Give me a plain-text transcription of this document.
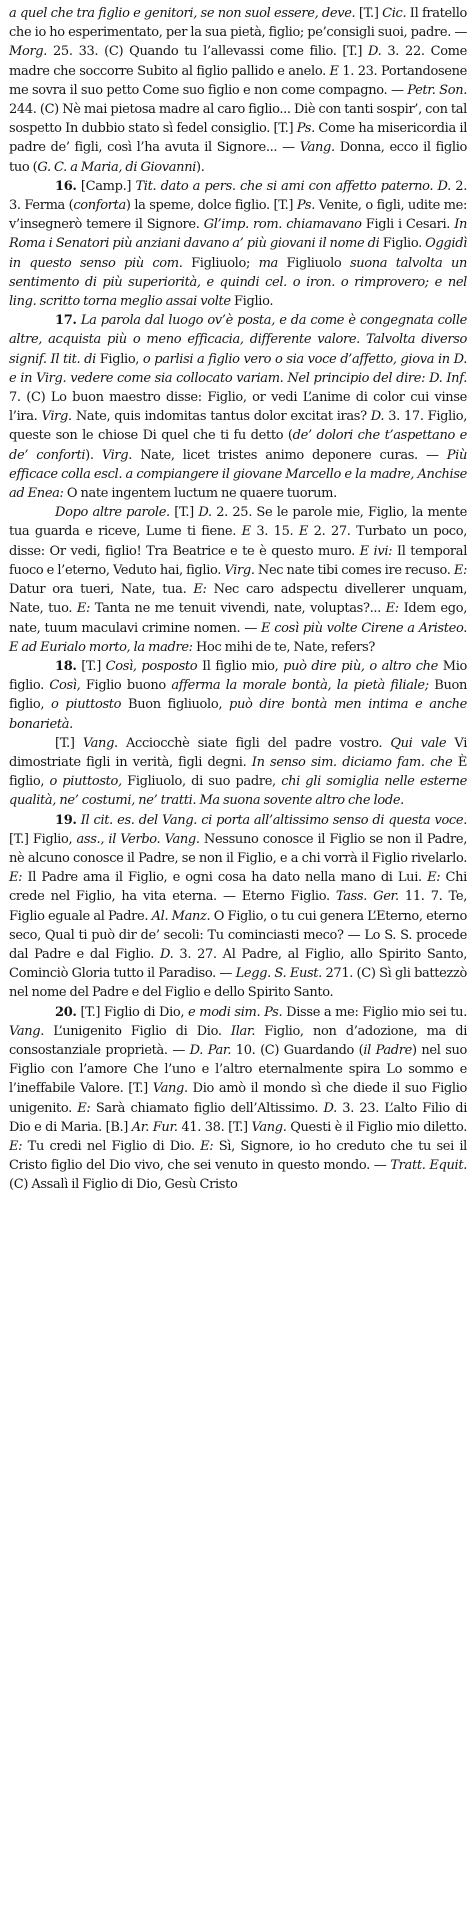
a quel che tra figlio e genitori, se non suol essere, deve. [T.] Cic. Il fratello che io ho esperimentato, per la sua pietà, figlio; pe’consigli suoi, padre. — Morg. 25. 33. (C) Quando tu l’allevassi come filio. [T.] D. 3. 22. Come madre che soccorre Subito al figlio pallido e anelo. E 1. 23. Portandosene me sovra il suo petto Come suo figlio e non come compagno. — Petr. Son. 244. (C) Nè mai pietosa madre al caro figlio... Diè con tanti sospir’, con tal sospetto In dubbio stato sì fedel consiglio. [T.] Ps. Come ha misericordia il padre de’ figli, così l’ha avuta il Signore... — Vang. Donna, ecco il figlio tuo (G. C. a Maria, di Giovanni).

16. [Camp.] Tit. dato a pers. che si ami con affetto paterno. D. 2. 3. Ferma (conforta) la speme, dolce figlio. [T.] Ps. Venite, o figli, udite me: v’insegnerò temere il Signore. Gl’imp. rom. chiamavano Figli i Cesari. In Roma i Senatori più anziani davano a’ più giovani il nome di Figlio. Oggidì in questo senso più com. Figliuolo; ma Figliuolo suona talvolta un sentimento di più superiorità, e quindi cel. o iron. o rimprovero; e nel ling. scritto torna meglio assai volte Figlio.

17. La parola dal luogo ov’è posta, e da come è congegnata colle altre, acquista più o meno efficacia, differente valore. Talvolta diverso signif. Il tit. di Figlio, o parlisi a figlio vero o sia voce d’affetto, giova in D. e in Virg. vedere come sia collocato variam. Nel principio del dire: D. Inf. 7. (C) Lo buon maestro disse: Figlio, or vedi L’anime di color cui vinse l’ira. Virg. Nate, quis indomitas tantus dolor excitat iras? D. 3. 17. Figlio, queste son le chiose Di quel che ti fu detto (de’ dolori che t’aspettano e de’ conforti). Virg. Nate, licet tristes animo deponere curas. — Più efficace colla escl. a compiangere il giovane Marcello e la madre, Anchise ad Enea: O nate ingentem luctum ne quaere tuorum.

Dopo altre parole. [T.] D. 2. 25. Se le parole mie, Figlio, la mente tua guarda e riceve, Lume ti fiene. E 3. 15. E 2. 27. Turbato un poco, disse: Or vedi, figlio! Tra Beatrice e te è questo muro. E ivi: Il temporal fuoco e l’eterno, Veduto hai, figlio. Virg. Nec nate tibi comes ire recuso. E: Datur ora tueri, Nate, tua. E: Nec caro adspectu divellerer unquam, Nate, tuo. E: Tanta ne me tenuit vivendi, nate, voluptas?... E: Idem ego, nate, tuum maculavi crimine nomen. — E così più volte Cirene a Aristeo. E ad Eurialo morto, la madre: Hoc mihi de te, Nate, refers?

18. [T.] Così, posposto Il figlio mio, può dire più, o altro che Mio figlio. Così, Figlio buono afferma la morale bontà, la pietà filiale; Buon figlio, o piuttosto Buon figliuolo, può dire bontà men intima e anche bonarietà.

[T.] Vang. Acciocchè siate figli del padre vostro. Qui vale Vi dimostriate figli in verità, figli degni. In senso sim. diciamo fam. che È figlio, o piuttosto, Figliuolo, di suo padre, chi gli somiglia nelle esterne qualità, ne’ costumi, ne’ tratti. Ma suona sovente altro che lode.

19. Il cit. es. del Vang. ci porta all’altissimo senso di questa voce. [T.] Figlio, ass., il Verbo. Vang. Nessuno conosce il Figlio se non il Padre, nè alcuno conosce il Padre, se non il Figlio, e a chi vorrà il Figlio rivelarlo. E: Il Padre ama il Figlio, e ogni cosa ha dato nella mano di Lui. E: Chi crede nel Figlio, ha vita eterna. — Eterno Figlio. Tass. Ger. 11. 7. Te, Figlio eguale al Padre. Al. Manz. O Figlio, o tu cui genera L’Eterno, eterno seco, Qual ti può dir de’ secoli: Tu cominciasti meco? — Lo S. S. procede dal Padre e dal Figlio. D. 3. 27. Al Padre, al Figlio, allo Spirito Santo, Cominciò Gloria tutto il Paradiso. — Legg. S. Eust. 271. (C) Sì gli battezzò nel nome del Padre e del Figlio e dello Spirito Santo.

20. [T.] Figlio di Dio, e modi sim. Ps. Disse a me: Figlio mio sei tu. Vang. L’unigenito Figlio di Dio. Ilar. Figlio, non d’adozione, ma di consostanziale proprietà. — D. Par. 10. (C) Guardando (il Padre) nel suo Figlio con l’amore Che l’uno e l’altro eternalmente spira Lo sommo e l’ineffabile Valore. [T.] Vang. Dio amò il mondo sì che diede il suo Figlio unigenito. E: Sarà chiamato figlio dell’Altissimo. D. 3. 23. L’alto Filio di Dio e di Maria. [B.] Ar. Fur. 41. 38. [T.] Vang. Questi è il Figlio mio diletto. E: Tu credi nel Figlio di Dio. E: Sì, Signore, io ho creduto che tu sei il Cristo figlio del Dio vivo, che sei venuto in questo mondo. — Tratt. Equit. (C) Assalì il Figlio di Dio, Gesù Cristo
